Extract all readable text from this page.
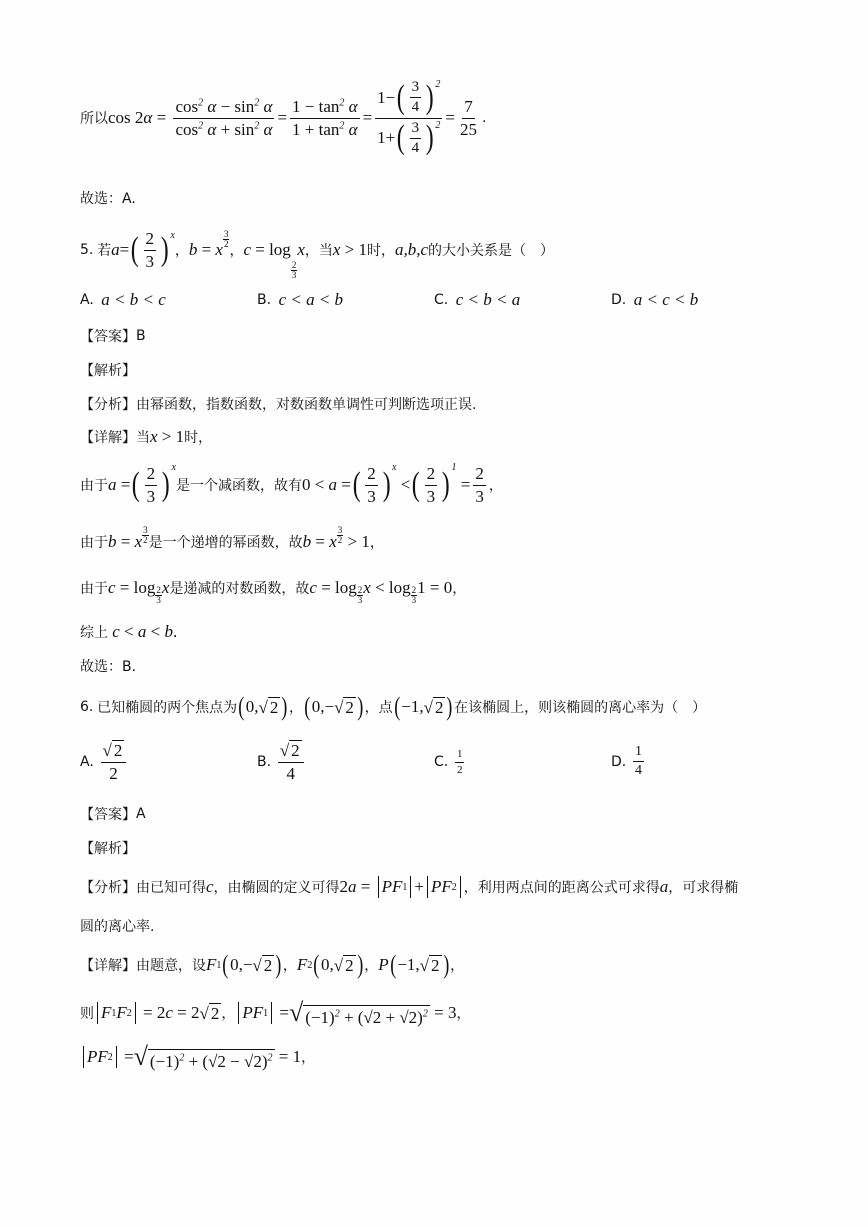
所以 cos 2 $\alpha = \frac{\cos^2 \alpha - \sin^2 \alpha}{\cos^2 \alpha + \sin^2 \alpha} = \frac{1 - \tan^2 \alpha}{1 + \tan^2 \alpha} = \frac{1- ( \frac{3}{4} ) 2}{1+ ( \frac{3}{4} ) 2} = \frac{7}{25}$ .
故选：A.
5.
若 a = ( $\frac{2}{3}$ ) x
， b = x
3
2 ， c = log
2
3
x ， 当 x > 1 时， a,b,c 的大小关系是（　）
A.
a < b < c	B.
c < a < b	C.
c < b < a	D.
a < c < b
【答案】 B
【解析】
【分析】 由幂函数，指数函数，对数函数单调性可判断选项正误.
【详解】 当 x > 1 时，
由于 a = ( $\frac{2}{3}$ ) x
是一个减函数，故有 0 < a = ( $\frac{2}{3}$ ) x
< ( $\frac{2}{3}$ ) 1
= $\frac{2}{3}$ ，
由于 b = x
3
2 是一个递增的幂函数，故 b = x
3
2 > 1 ，
由于 c = log 2
3
x 是递减的对数函数，故 c = log 2
3
x < log 2
3
1 = 0 ，
综上 c < a < b .
故选：B.
6.
已知椭圆的两个焦点为 ( 0, √ 2 ) ， ( 0,− √ 2 ) ， 点 ( −1, √ 2 ) 在该椭圆上，则该椭圆的离心率为（　）
A.
$\frac{√ 2}{2}$	B.
$\frac{√ 2}{4}$	C.
$\frac{1}{2}$	D.
$\frac{1}{4}$
【答案】 A
【解析】
【分析】 由已知可得 c ，由椭圆的定义可得 2 a = PF 1 + PF 2 ，利用两点间的距离公式可求得 a ，可求得椭
圆的离心率.
【详解】 由题意，设 F 1 ( 0,− √ 2 ) ， F 2 ( 0, √ 2 ) ， P ( −1, √ 2 ) ，
则 F 1 F 2 = 2 c = 2 √ 2 ， PF 1 = √ $(-1)^2 + (√2 + √2)^2 = 3$ ，
PF 2 = √ $(-1)^2 + (√2 - √2)^2 = 1$ ，
